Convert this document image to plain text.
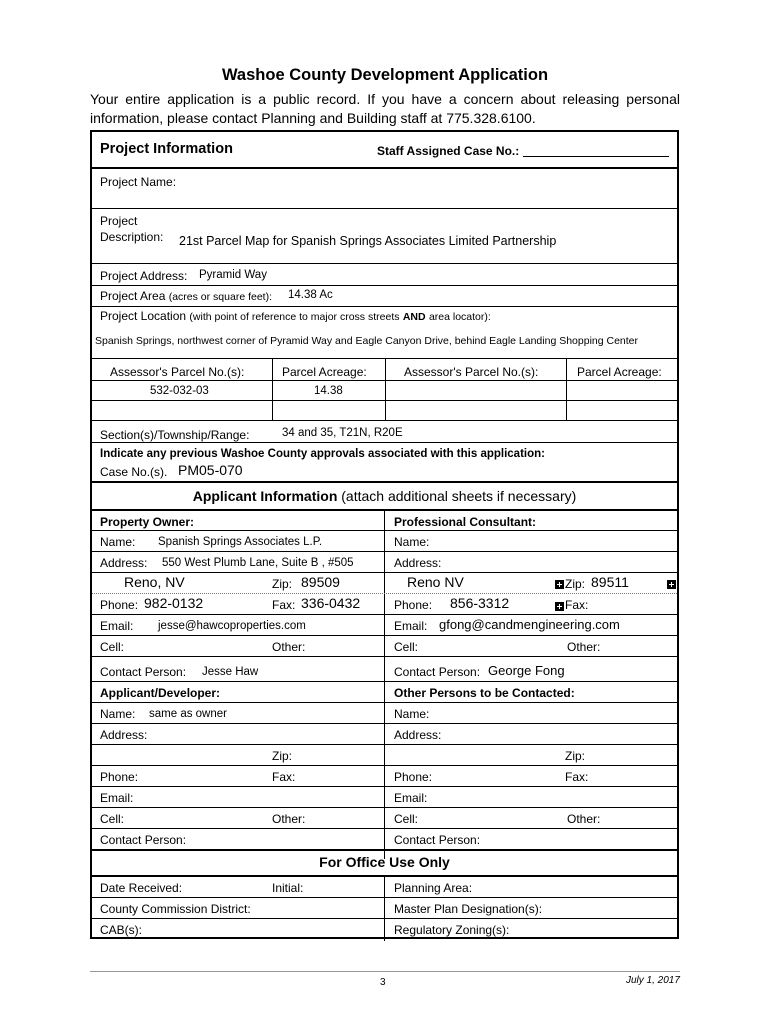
Washoe County Development Application
Your entire application is a public record. If you have a concern about releasing personal information, please contact Planning and Building staff at 775.328.6100.
Project Information	Staff Assigned Case No.:
Project Name:
Project
Description: 21st Parcel Map for Spanish Springs Associates Limited Partnership
Project Address: Pyramid Way
Project Area (acres or square feet): 14.38 Ac
Project Location (with point of reference to major cross streets AND area locator):
Spanish Springs, northwest corner of Pyramid Way and Eagle Canyon Drive, behind Eagle Landing Shopping Center
Assessor's Parcel No.(s):	Parcel Acreage:	Assessor's Parcel No.(s):	Parcel Acreage:
532-032-03	14.38
Section(s)/Township/Range:	34 and 35, T21N, R20E
Indicate any previous Washoe County approvals associated with this application:
Case No.(s). PM05-070
Applicant Information (attach additional sheets if necessary)
Property Owner:	Professional Consultant:
Name: Spanish Springs Associates L.P.	Name:
Address: 550 West Plumb Lane, Suite B , #505	Address:
Reno, NV	Zip: 89509	Reno NV	Zip: 89511
Phone: 982-0132	Fax: 336-0432	Phone: 856-3312	Fax:
Email: jesse@hawcoproperties.com	Email: gfong@candmengineering.com
Cell:	Other:	Cell:	Other:
Contact Person: Jesse Haw	Contact Person: George Fong
Applicant/Developer:	Other Persons to be Contacted:
Name: same as owner	Name:
Address:	Address:
Zip:	Zip:
Phone:	Fax:	Phone:	Fax:
Email:	Email:
Cell:	Other:	Cell:	Other:
Contact Person:	Contact Person:
For Office Use Only
Date Received:	Initial:	Planning Area:
County Commission District:	Master Plan Designation(s):
CAB(s):	Regulatory Zoning(s):
3	July 1, 2017
